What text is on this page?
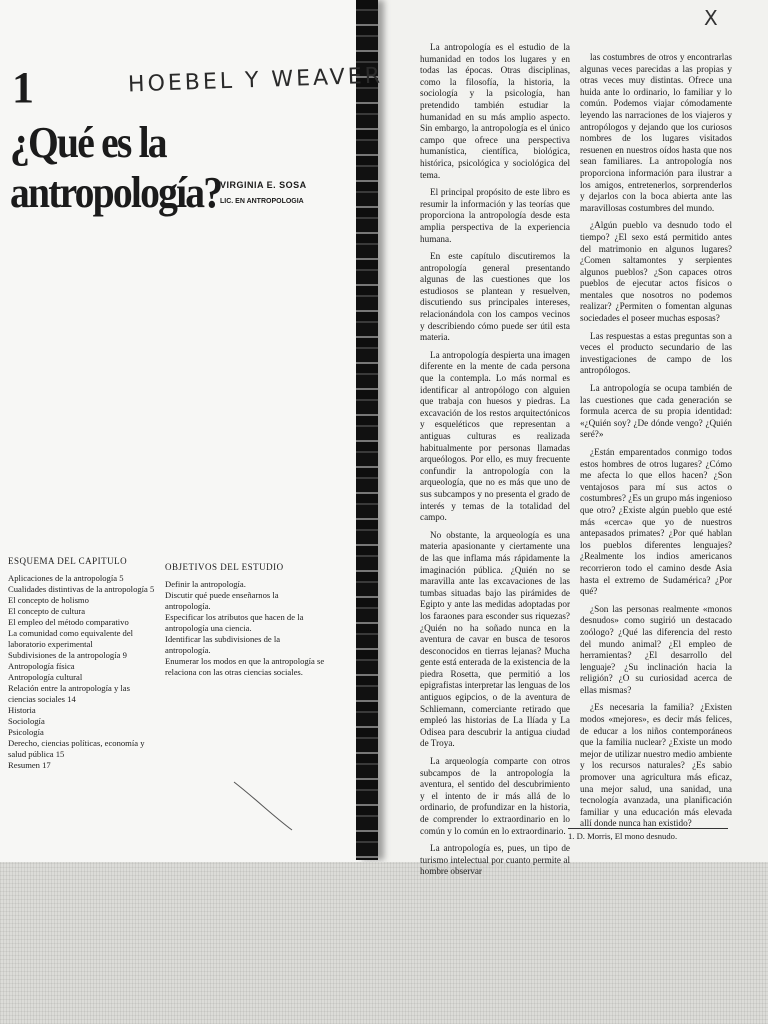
1	HOEBEL Y WEAVER
¿Qué es la
antropología?
VIRGINIA E. SOSA
LIC. EN ANTROPOLOGIA
ESQUEMA DEL CAPITULO
Aplicaciones de la antropología 5
Cualidades distintivas de la antropología 5
El concepto de holismo
El concepto de cultura
El empleo del método comparativo
La comunidad como equivalente del laboratorio experimental
Subdivisiones de la antropología 9
Antropología física
Antropología cultural
Relación entre la antropología y las ciencias sociales 14
Historia
Sociología
Psicología
Derecho, ciencias políticas, economía y salud pública 15
Resumen 17
OBJETIVOS DEL ESTUDIO
Definir la antropología.
Discutir qué puede enseñarnos la antropología.
Especificar los atributos que hacen de la antropología una ciencia.
Identificar las subdivisiones de la antropología.
Enumerar los modos en que la antropología se relaciona con las otras ciencias sociales.
X

La antropología es el estudio de la humanidad en todos los lugares y en todas las épocas. Otras disciplinas, como la filosofía, la historia, la sociología y la psicología, han pretendido también estudiar la humanidad en su más amplio aspecto. Sin embargo, la antropología es el único campo que ofrece una perspectiva humanística, científica, biológica, histórica, psicológica y sociológica del tema.

El principal propósito de este libro es resumir la información y las teorías que proporciona la antropología desde esta amplia perspectiva de la experiencia humana.

En este capítulo discutiremos la antropología general presentando algunas de las cuestiones que los estudiosos se plantean y resuelven, discutiendo sus principales intereses, relacionándola con los campos vecinos y describiendo cómo puede ser útil esta materia.

La antropología despierta una imagen diferente en la mente de cada persona que la contempla. Lo más normal es identificar al antropólogo con alguien que trabaja con huesos y piedras. La excavación de los restos arquitectónicos y esqueléticos que representan a antiguas culturas es realizada habitualmente por personas llamadas arqueólogos. Por ello, es muy frecuente confundir la antropología con la arqueología, que no es más que uno de sus subcampos y no presenta el grado de interés y temas de la totalidad del campo.

No obstante, la arqueología es una materia apasionante y ciertamente una de las que inflama más rápidamente la imaginación pública. ¿Quién no se maravilla ante las excavaciones de las tumbas situadas bajo las pirámides de Egipto y ante las medidas adoptadas por los faraones para esconder sus riquezas? ¿Quién no ha soñado nunca en la aventura de cavar en busca de tesoros desconocidos en tierras lejanas? Mucha gente está enterada de la existencia de la piedra Rosetta, que permitió a los epigrafistas interpretar las lenguas de los antiguos egipcios, o de la aventura de Schliemann, comerciante retirado que empleó las historias de La Ilíada y La Odisea para descubrir la antigua ciudad de Troya.

La arqueología comparte con otros subcampos de la antropología la aventura, el sentido del descubrimiento y el intento de ir más allá de lo ordinario, de profundizar en la historia, de comprender lo extraordinario en lo común y lo común en lo extraordinario.

La antropología es, pues, un tipo de turismo intelectual por cuanto permite al hombre observar

las costumbres de otros y encontrarlas algunas veces parecidas a las propias y otras veces muy distintas. Ofrece una huida ante lo ordinario, lo familiar y lo común. Podemos viajar cómodamente leyendo las narraciones de los viajeros y antropólogos y dejando que los curiosos nombres de los lugares visitados resuenen en nuestros oídos hasta que nos sean familiares. La antropología nos proporciona información para ilustrar a los amigos, entretenerlos, sorprenderlos y dejarlos con la boca abierta ante las maravillosas costumbres del mundo.

¿Algún pueblo va desnudo todo el tiempo? ¿El sexo está permitido antes del matrimonio en algunos lugares? ¿Comen saltamontes y serpientes algunos pueblos? ¿Son capaces otros pueblos de ejecutar actos físicos o mentales que nosotros no podemos realizar? ¿Permiten o fomentan algunas sociedades el poseer muchas esposas?

Las respuestas a estas preguntas son a veces el producto secundario de las investigaciones de campo de los antropólogos.

La antropología se ocupa también de las cuestiones que cada generación se formula acerca de su propia identidad: «¿Quién soy? ¿De dónde vengo? ¿Quién seré?»

¿Están emparentados conmigo todos estos hombres de otros lugares? ¿Cómo me afecta lo que ellos hacen? ¿Son ventajosos para mí sus actos o costumbres? ¿Es un grupo más ingenioso que otro? ¿Existe algún pueblo que esté más «cerca» que yo de nuestros antepasados primates? ¿Por qué hablan los pueblos diferentes lenguajes? ¿Realmente los indios americanos recorrieron todo el camino desde Asia hasta el extremo de Sudamérica? ¿Por qué?

¿Son las personas realmente «monos desnudos» como sugirió un destacado zoólogo? ¿Qué las diferencia del resto del mundo animal? ¿El empleo de herramientas? ¿El desarrollo del lenguaje? ¿Su inclinación hacia la religión? ¿O su curiosidad acerca de ellas mismas?

¿Es necesaria la familia? ¿Existen modos «mejores», es decir más felices, de educar a los niños contemporáneos que la familia nuclear? ¿Existe un modo mejor de utilizar nuestro medio ambiente y los recursos naturales? ¿Es sabio promover una agricultura más eficaz, una mejor salud, una sanidad, una tecnología avanzada, una planificación familiar y una educación más elevada allí donde nunca han existido?

1. D. Morris, El mono desnudo.
